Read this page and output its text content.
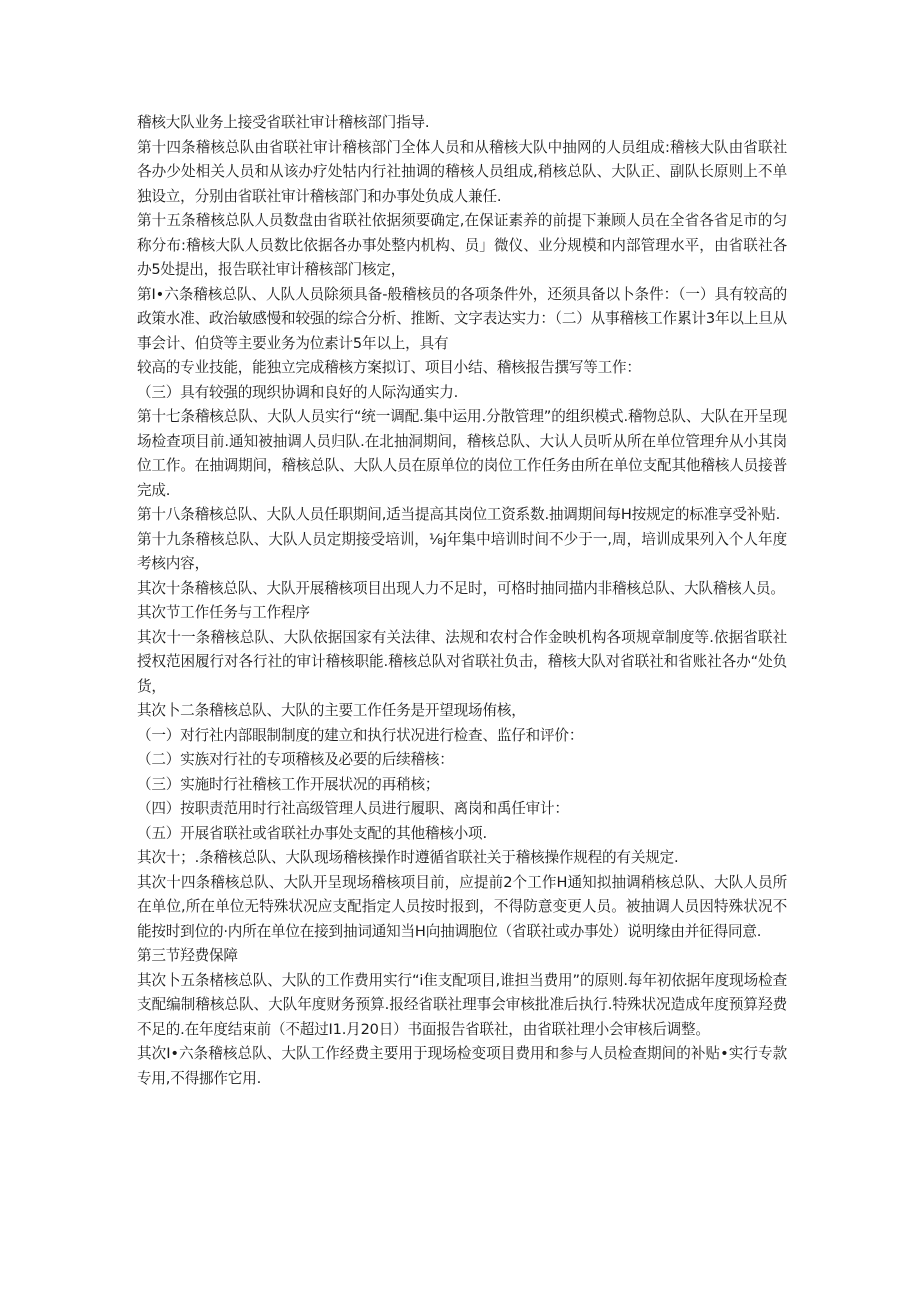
稽核大队业务上接受省联社审计稽核部门指导.

第十四条稽核总队由省联社审计稽核部门全体人员和从稽核大队中抽网的人员组成:稽核大队由省联社各办少处相关人员和从该办疗处牯内行社抽调的稽核人员组成,稍核总队、大队正、副队长原则上不单独设立，分别由省联社审计稽核部门和办事处负成人兼任.

第十五条稽核总队人员数盘由省联社依据须要确定,在保证素养的前提下兼顾人员在全省各省足市的匀称分布:稽核大队人员数比依据各办事处整内机构、员」微仪、业分规模和内部管理水平，由省联社各办5处提出，报告联社审计稽核部门核定，

第I•六条稽核总队、人队人员除须具备-般稽核员的各项条件外，还须具备以卜条件：（一）具有较高的政策水准、政治敏感慢和较强的综合分析、推断、文字表达实力：（二）从事稽核工作累计3年以上旦从事会计、伯贷等主要业务为位素计5年以上，具有

较高的专业技能，能独立完成稽核方案拟订、项目小结、稽核报告撰写等工作：

（三）具有较强的现织协调和良好的人际沟通实力.

第十七条稽核总队、大队人员实行“统一调配.集中运用.分散管理”的组织模式.稽物总队、大队在开呈现场检查项目前.通知被抽调人员归队.在北抽洞期间，稽核总队、大认人员听从所在单位管理弁从小其岗位工作。在抽调期间，稽核总队、大队人员在原单位的岗位工作任务由所在单位支配其他稽核人员接普完成.

第十八条稽核总队、大队人员任职期间,适当提高其岗位工资系数.抽调期间每H按规定的标准享受补贴.

第十九条稽核总队、大队人员定期接受培训，⅛j年集中培训时间不少于一,周，培训成果列入个人年度考核内容，

其次十条稽核总队、大队开展稽核项目出现人力不足时，可格时抽同描内非稽核总队、大队稽核人员。

其次节工作任务与工作程序

其次十一条稽核总队、大队依据国家有关法律、法规和农村合作金映机构各项规章制度等.依据省联社授权范困履行对各行社的审计稽核职能.稽核总队对省联社负击，稽核大队对省联社和省账社各办“处负货，

其次卜二条稽核总队、大队的主要工作任务是开望现场侑核，

（一）对行社内部眼制制度的建立和执行状况进行检查、监仔和评价：

（二）实族对行社的专项稽核及必要的后续稽核：

（三）实施时行社稽核工作开展状况的再稍核；

（四）按职责范用时行社高级管理人员进行履职、离岗和禹任审计：

（五）开展省联社或省联社办事处支配的其他稽核小项.

其次十；.条稽核总队、大队现场稽核操作时遵循省联社关于稽核操作规程的有关规定.

其次十四条稽核总队、大队开呈现场稽核项目前，应提前2个工作H通知拟抽调稍核总队、大队人员所在单位,所在单位无特殊状况应支配指定人员按时报到，不得防意变更人员。被抽调人员因特殊状况不能按时到位的·内所在单位在接到抽词通知当H向抽调胞位（省联社或办事处）说明缘由并征得同意.

第三节羟费保障

其次卜五条楮核总队、大队的工作费用实行“i隹支配项目,谁担当费用”的原则.每年初依据年度现场检查支配编制稽核总队、大队年度财务预算.报经省联社理事会审核批准后执行.特殊状况造成年度预算羟费不足的.在年度结束前（不超过I1.月20日）书面报告省联社，由省联社理小会审核后调整。

其次I•六条稽核总队、大队工作经费主要用于现场检变项目费用和参与人员检查期间的补贴•实行专款专用,不得挪作它用.
